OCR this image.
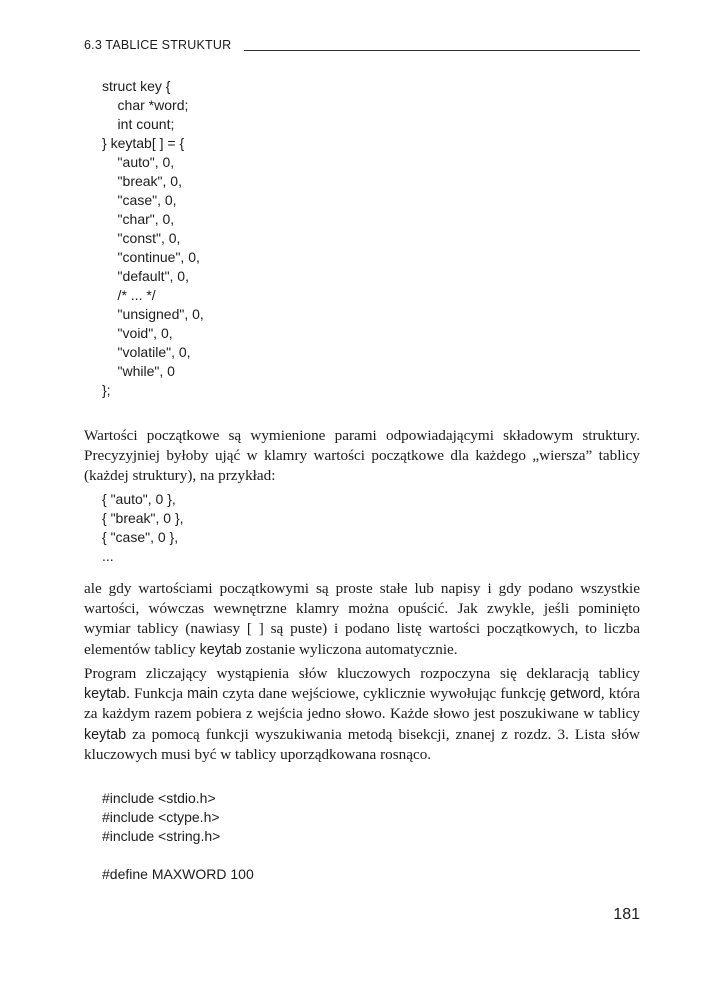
6.3 TABLICE STRUKTUR
struct key {
char *word;
int count;
} keytab[ ] = {
"auto", 0,
"break", 0,
"case", 0,
"char", 0,
"const", 0,
"continue", 0,
"default", 0,
/* ... */
"unsigned", 0,
"void", 0,
"volatile", 0,
"while", 0
};

Wartości początkowe są wymienione parami odpowiadającymi składowym struktury. Precyzyjniej byłoby ująć w klamry wartości początkowe dla każdego „wiersza” tablicy (każdej struktury), na przykład:

{ "auto", 0 },
{ "break", 0 },
{ "case", 0 },
...

ale gdy wartościami początkowymi są proste stałe lub napisy i gdy podano wszystkie wartości, wówczas wewnętrzne klamry można opuścić. Jak zwykle, jeśli pominięto wymiar tablicy (nawiasy [ ] są puste) i podano listę wartości początkowych, to liczba elementów tablicy keytab zostanie wyliczona automatycznie.

Program zliczający wystąpienia słów kluczowych rozpoczyna się deklaracją tablicy keytab. Funkcja main czyta dane wejściowe, cyklicznie wywołując funkcję getword, która za każdym razem pobiera z wejścia jedno słowo. Każde słowo jest poszukiwane w tablicy keytab za pomocą funkcji wyszukiwania metodą bisekcji, znanej z rozdz. 3. Lista słów kluczowych musi być w tablicy uporządkowana rosnąco.

#include <stdio.h>
#include <ctype.h>
#include <string.h>
#define MAXWORD 100
181
